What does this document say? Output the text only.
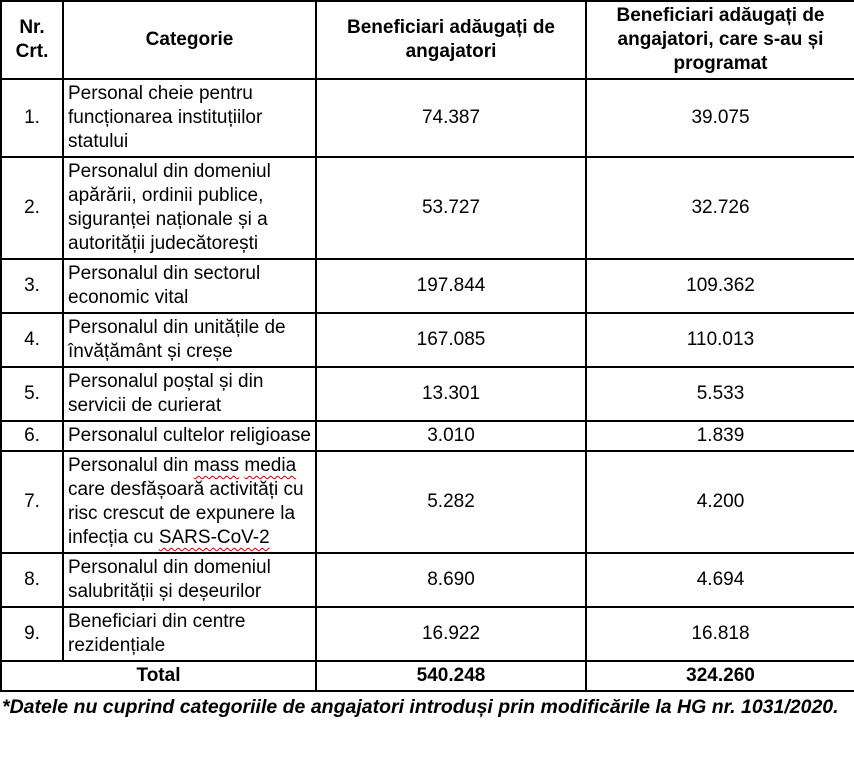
Nr. Crt.	Categorie	Beneficiari adăugați de angajatori	Beneficiari adăugați de angajatori, care s-au și programat
1.	Personal cheie pentru funcționarea instituțiilor statului	74.387	39.075
2.	Personalul din domeniul apărării, ordinii publice, siguranței naționale și a autorității judecătorești	53.727	32.726
3.	Personalul din sectorul economic vital	197.844	109.362
4.	Personalul din unitățile de învățământ și creșe	167.085	110.013
5.	Personalul poștal și din servicii de curierat	13.301	5.533
6.	Personalul cultelor religioase	3.010	1.839
7.	Personalul din mass media care desfășoară activități cu risc crescut de expunere la infecția cu SARS-CoV-2	5.282	4.200
8.	Personalul din domeniul salubrității și deșeurilor	8.690	4.694
9.	Beneficiari din centre rezidențiale	16.922	16.818
Total		540.248	324.260

*Datele nu cuprind categoriile de angajatori introduși prin modificările la HG nr. 1031/2020.
